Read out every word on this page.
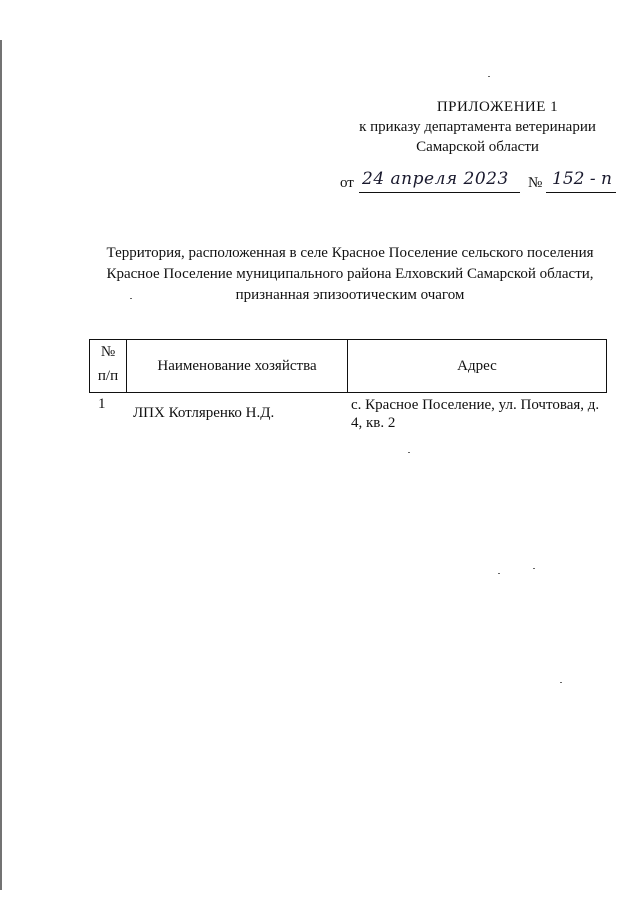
ПРИЛОЖЕНИЕ 1
к приказу департамента ветеринарии
Самарской области
от 24 апреля 2023 № 152 - п
Территория, расположенная в селе Красное Поселение сельского поселения
Красное Поселение муниципального района Елховский Самарской области,
признанная эпизоотическим очагом
№
п/п
Наименование хозяйства	Адрес
1
ЛПХ Котляренко Н.Д.	с. Красное Поселение, ул. Почтовая, д. 4, кв. 2
